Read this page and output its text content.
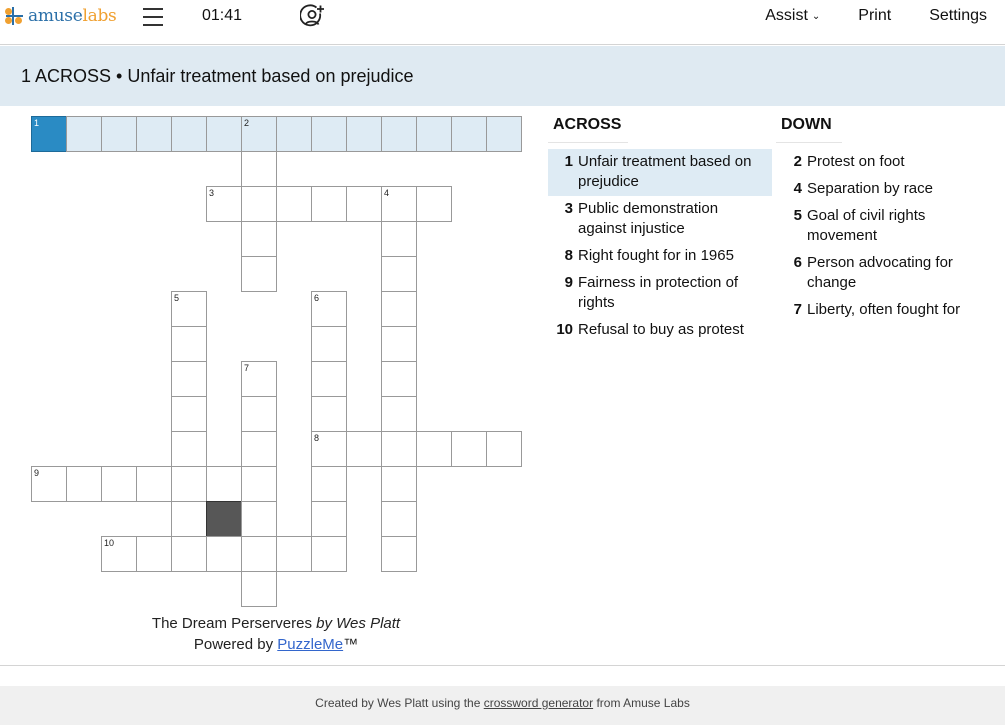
amuselabs	01:41	Assist ⌄ Print Settings
1 ACROSS • Unfair treatment based on prejudice
1	2
3	4
5	6
7
8
9
10
The Dream Perserveres by Wes Platt
Powered by PuzzleMe™
ACROSS
1 Unfair treatment based on prejudice
3 Public demonstration against injustice
8 Right fought for in 1965
9 Fairness in protection of rights
10 Refusal to buy as protest
DOWN
2 Protest on foot
4 Separation by race
5 Goal of civil rights movement
6 Person advocating for change
7 Liberty, often fought for
Created by Wes Platt using the crossword generator from Amuse Labs
